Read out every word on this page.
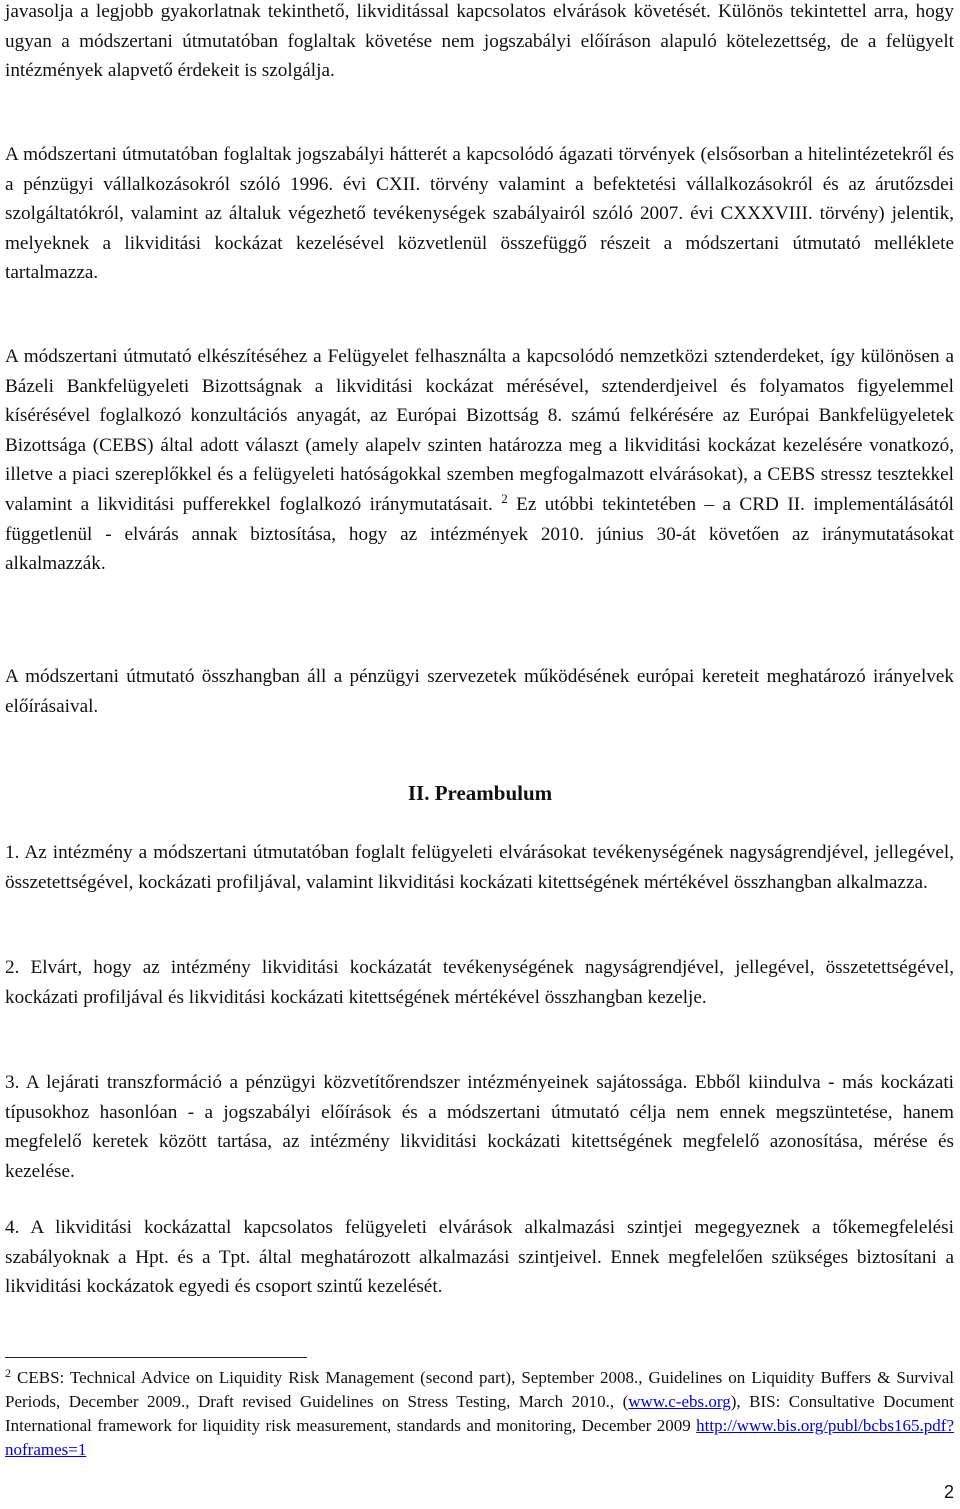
javasolja a legjobb gyakorlatnak tekinthető, likviditással kapcsolatos elvárások követését. Különös tekintettel arra, hogy ugyan a módszertani útmutatóban foglaltak követése nem jogszabályi előíráson alapuló kötelezettség, de a felügyelt intézmények alapvető érdekeit is szolgálja.

A módszertani útmutatóban foglaltak jogszabályi hátterét a kapcsolódó ágazati törvények (elsősorban a hitelintézetekről és a pénzügyi vállalkozásokról szóló 1996. évi CXII. törvény valamint a befektetési vállalkozásokról és az árutőzsdei szolgáltatókról, valamint az általuk végezhető tevékenységek szabályairól szóló 2007. évi CXXXVIII. törvény) jelentik, melyeknek a likviditási kockázat kezelésével közvetlenül összefüggő részeit a módszertani útmutató melléklete tartalmazza.

A módszertani útmutató elkészítéséhez a Felügyelet felhasználta a kapcsolódó nemzetközi sztenderdeket, így különösen a Bázeli Bankfelügyeleti Bizottságnak a likviditási kockázat mérésével, sztenderdjeivel és folyamatos figyelemmel kísérésével foglalkozó konzultációs anyagát, az Európai Bizottság 8. számú felkérésére az Európai Bankfelügyeletek Bizottsága (CEBS) által adott választ (amely alapelv szinten határozza meg a likviditási kockázat kezelésére vonatkozó, illetve a piaci szereplőkkel és a felügyeleti hatóságokkal szemben megfogalmazott elvárásokat), a CEBS stressz tesztekkel valamint a likviditási pufferekkel foglalkozó iránymutatásait. $^2$ Ez utóbbi tekintetében – a CRD II. implementálásától függetlenül - elvárás annak biztosítása, hogy az intézmények 2010. június 30-át követően az iránymutatásokat alkalmazzák.

A módszertani útmutató összhangban áll a pénzügyi szervezetek működésének európai kereteit meghatározó irányelvek előírásaival.

II. Preambulum

1. Az intézmény a módszertani útmutatóban foglalt felügyeleti elvárásokat tevékenységének nagyságrendjével, jellegével, összetettségével, kockázati profiljával, valamint likviditási kockázati kitettségének mértékével összhangban alkalmazza.

2. Elvárt, hogy az intézmény likviditási kockázatát tevékenységének nagyságrendjével, jellegével, összetettségével, kockázati profiljával és likviditási kockázati kitettségének mértékével összhangban kezelje.

3. A lejárati transzformáció a pénzügyi közvetítőrendszer intézményeinek sajátossága. Ebből kiindulva - más kockázati típusokhoz hasonlóan - a jogszabályi előírások és a módszertani útmutató célja nem ennek megszüntetése, hanem megfelelő keretek között tartása, az intézmény likviditási kockázati kitettségének megfelelő azonosítása, mérése és kezelése.

4. A likviditási kockázattal kapcsolatos felügyeleti elvárások alkalmazási szintjei megegyeznek a tőkemegfelelési szabályoknak a Hpt. és a Tpt. által meghatározott alkalmazási szintjeivel. Ennek megfelelően szükséges biztosítani a likviditási kockázatok egyedi és csoport szintű kezelését.

$^2$ CEBS: Technical Advice on Liquidity Risk Management (second part), September 2008., Guidelines on Liquidity Buffers & Survival Periods, December 2009., Draft revised Guidelines on Stress Testing, March 2010., (www.c-ebs.org), BIS: Consultative Document International framework for liquidity risk measurement, standards and monitoring, December 2009 http://www.bis.org/publ/bcbs165.pdf?noframes=1
2
